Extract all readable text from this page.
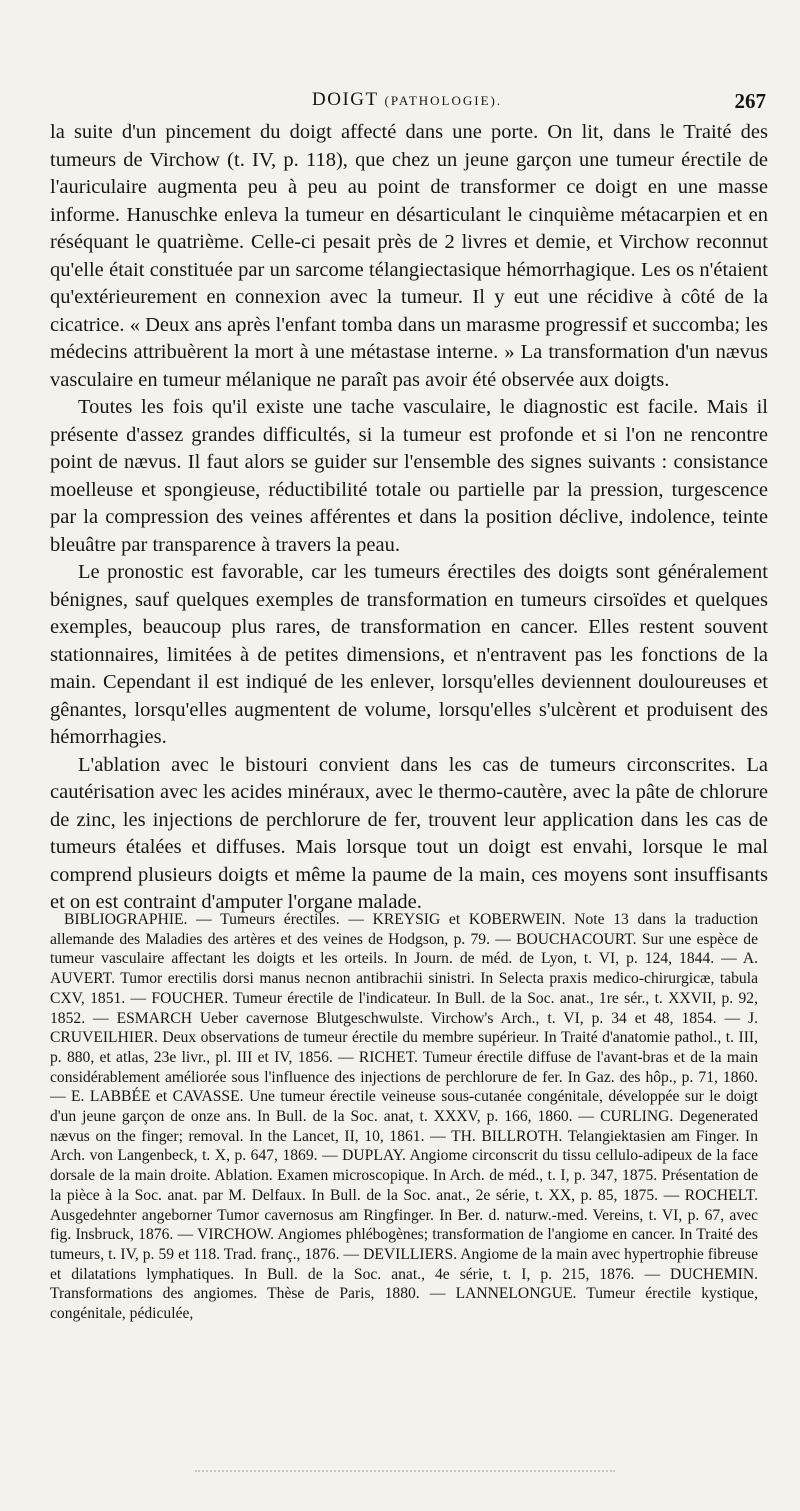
DOIGT (PATHOLOGIE).	267

la suite d'un pincement du doigt affecté dans une porte. On lit, dans le Traité des tumeurs de Virchow (t. IV, p. 118), que chez un jeune garçon une tumeur érectile de l'auriculaire augmenta peu à peu au point de transformer ce doigt en une masse informe. Hanuschke enleva la tumeur en désarticulant le cinquième métacarpien et en réséquant le quatrième. Celle-ci pesait près de 2 livres et demie, et Virchow reconnut qu'elle était constituée par un sarcome télangiectasique hémorrhagique. Les os n'étaient qu'extérieurement en connexion avec la tumeur. Il y eut une récidive à côté de la cicatrice. « Deux ans après l'enfant tomba dans un marasme progressif et succomba; les médecins attribuèrent la mort à une métastase interne. » La transformation d'un nævus vasculaire en tumeur mélanique ne paraît pas avoir été observée aux doigts.

Toutes les fois qu'il existe une tache vasculaire, le diagnostic est facile. Mais il présente d'assez grandes difficultés, si la tumeur est profonde et si l'on ne rencontre point de nævus. Il faut alors se guider sur l'ensemble des signes suivants : consistance moelleuse et spongieuse, réductibilité totale ou partielle par la pression, turgescence par la compression des veines afférentes et dans la position déclive, indolence, teinte bleuâtre par transparence à travers la peau.

Le pronostic est favorable, car les tumeurs érectiles des doigts sont généralement bénignes, sauf quelques exemples de transformation en tumeurs cirsoïdes et quelques exemples, beaucoup plus rares, de transformation en cancer. Elles restent souvent stationnaires, limitées à de petites dimensions, et n'entravent pas les fonctions de la main. Cependant il est indiqué de les enlever, lorsqu'elles deviennent douloureuses et gênantes, lorsqu'elles augmentent de volume, lorsqu'elles s'ulcèrent et produisent des hémorrhagies.

L'ablation avec le bistouri convient dans les cas de tumeurs circonscrites. La cautérisation avec les acides minéraux, avec le thermo-cautère, avec la pâte de chlorure de zinc, les injections de perchlorure de fer, trouvent leur application dans les cas de tumeurs étalées et diffuses. Mais lorsque tout un doigt est envahi, lorsque le mal comprend plusieurs doigts et même la paume de la main, ces moyens sont insuffisants et on est contraint d'amputer l'organe malade.

BIBLIOGRAPHIE. — Tumeurs érectiles. — KREYSIG et KOBERWEIN. Note 13 dans la traduction allemande des Maladies des artères et des veines de Hodgson, p. 79. — BOUCHACOURT. Sur une espèce de tumeur vasculaire affectant les doigts et les orteils. In Journ. de méd. de Lyon, t. VI, p. 124, 1844. — A. AUVERT. Tumor erectilis dorsi manus necnon antibrachii sinistri. In Selecta praxis medico-chirurgicæ, tabula CXV, 1851. — FOUCHER. Tumeur érectile de l'indicateur. In Bull. de la Soc. anat., 1re sér., t. XXVII, p. 92, 1852. — ESMARCH Ueber cavernose Blutgeschwulste. Virchow's Arch., t. VI, p. 34 et 48, 1854. — J. CRUVEILHIER. Deux observations de tumeur érectile du membre supérieur. In Traité d'anatomie pathol., t. III, p. 880, et atlas, 23e livr., pl. III et IV, 1856. — RICHET. Tumeur érectile diffuse de l'avant-bras et de la main considérablement améliorée sous l'influence des injections de perchlorure de fer. In Gaz. des hôp., p. 71, 1860. — E. LABBÉE et CAVASSE. Une tumeur érectile veineuse sous-cutanée congénitale, développée sur le doigt d'un jeune garçon de onze ans. In Bull. de la Soc. anat, t. XXXV, p. 166, 1860. — CURLING. Degenerated nævus on the finger; removal. In the Lancet, II, 10, 1861. — TH. BILLROTH. Telangiektasien am Finger. In Arch. von Langenbeck, t. X, p. 647, 1869. — DUPLAY. Angiome circonscrit du tissu cellulo-adipeux de la face dorsale de la main droite. Ablation. Examen microscopique. In Arch. de méd., t. I, p. 347, 1875. Présentation de la pièce à la Soc. anat. par M. Delfaux. In Bull. de la Soc. anat., 2e série, t. XX, p. 85, 1875. — ROCHELT. Ausgedehnter angeborner Tumor cavernosus am Ringfinger. In Ber. d. naturw.-med. Vereins, t. VI, p. 67, avec fig. Insbruck, 1876. — VIRCHOW. Angiomes phlébogènes; transformation de l'angiome en cancer. In Traité des tumeurs, t. IV, p. 59 et 118. Trad. franç., 1876. — DEVILLIERS. Angiome de la main avec hypertrophie fibreuse et dilatations lymphatiques. In Bull. de la Soc. anat., 4e série, t. I, p. 215, 1876. — DUCHEMIN. Transformations des angiomes. Thèse de Paris, 1880. — LANNELONGUE. Tumeur érectile kystique, congénitale, pédiculée,
